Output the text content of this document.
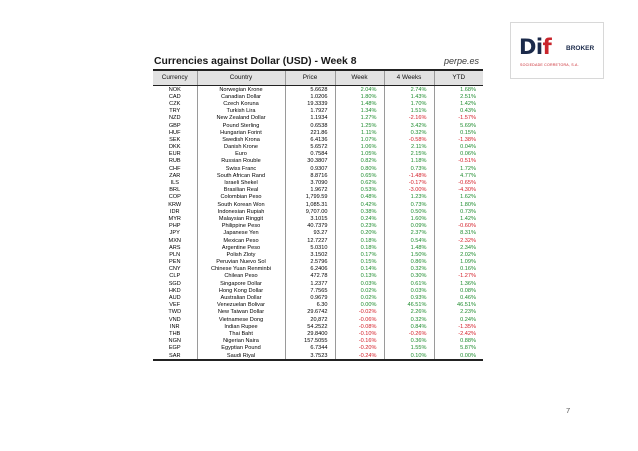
Dif BROKER
SOCIEDADE CORRETORA, S.A.
Currencies against Dollar (USD) - Week 8	perpe.es
Currency	Country	Price	Week	4 Weeks	YTD
NOK	Norwegian Krone	5.6628	2.04%	2.74%	1.68%
CAD	Canadian Dollar	1.0206	1.80%	1.43%	2.51%
CZK	Czech Koruna	19.3339	1.48%	1.70%	1.42%
TRY	Turkish Lira	1.7927	1.34%	1.51%	0.43%
NZD	New Zealand Dollar	1.1934	1.27%	-2.16%	-1.57%
GBP	Pound Sterling	0.6538	1.25%	3.42%	5.69%
HUF	Hungarian Forint	221.86	1.11%	0.32%	0.15%
SEK	Swedish Krona	6.4136	1.07%	-0.58%	-1.38%
DKK	Danish Krone	5.6572	1.06%	2.11%	0.04%
EUR	Euro	0.7584	1.05%	2.15%	0.06%
RUB	Russian Rouble	30.3807	0.82%	1.18%	-0.51%
CHF	Swiss Franc	0.9307	0.80%	0.73%	1.72%
ZAR	South African Rand	8.8716	0.65%	-1.48%	4.77%
ILS	Israeli Shekel	3.7090	0.62%	-0.17%	-0.65%
BRL	Brasilian Real	1.9672	0.53%	-3.00%	-4.30%
COP	Colombian Peso	1,799.59	0.48%	1.23%	1.62%
KRW	South Korean Won	1,085.31	0.42%	0.73%	1.80%
IDR	Indonesian Rupiah	9,707.00	0.38%	0.50%	0.73%
MYR	Malaysian Ringgit	3.1015	0.24%	1.60%	1.42%
PHP	Philippine Peso	40.7379	0.23%	0.09%	-0.60%
JPY	Japanese Yen	93.27	0.20%	2.37%	8.31%
MXN	Mexican Peso	12.7227	0.18%	0.54%	-2.32%
ARS	Argentine Peso	5.0310	0.18%	1.48%	2.34%
PLN	Polish Zloty	3.1502	0.17%	1.50%	2.02%
PEN	Peruvian Nuevo Sol	2.5796	0.15%	0.86%	1.09%
CNY	Chinese Yuan Renminbi	6.2406	0.14%	0.32%	0.16%
CLP	Chilean Peso	472.78	0.13%	0.30%	-1.27%
SGD	Singapore Dollar	1.2377	0.03%	0.61%	1.36%
HKD	Hong Kong Dollar	7.7565	0.02%	0.03%	0.08%
AUD	Australian Dollar	0.9679	0.02%	0.93%	0.46%
VEF	Venezuelan Bolivar	6.30	0.00%	46.51%	46.51%
TWD	New Taiwan Dollar	29.6742	-0.02%	2.26%	2.23%
VND	Vietnamese Dong	20,872	-0.06%	0.32%	0.24%
INR	Indian Rupee	54.2522	-0.08%	0.84%	-1.35%
THB	Thai Baht	29.8400	-0.10%	-0.26%	-2.42%
NGN	Nigerian Naira	157.5055	-0.16%	0.36%	0.88%
EGP	Egyptian Pound	6.7344	-0.20%	1.55%	5.87%
SAR	Saudi Riyal	3.7523	-0.24%	0.10%	0.00%
7
